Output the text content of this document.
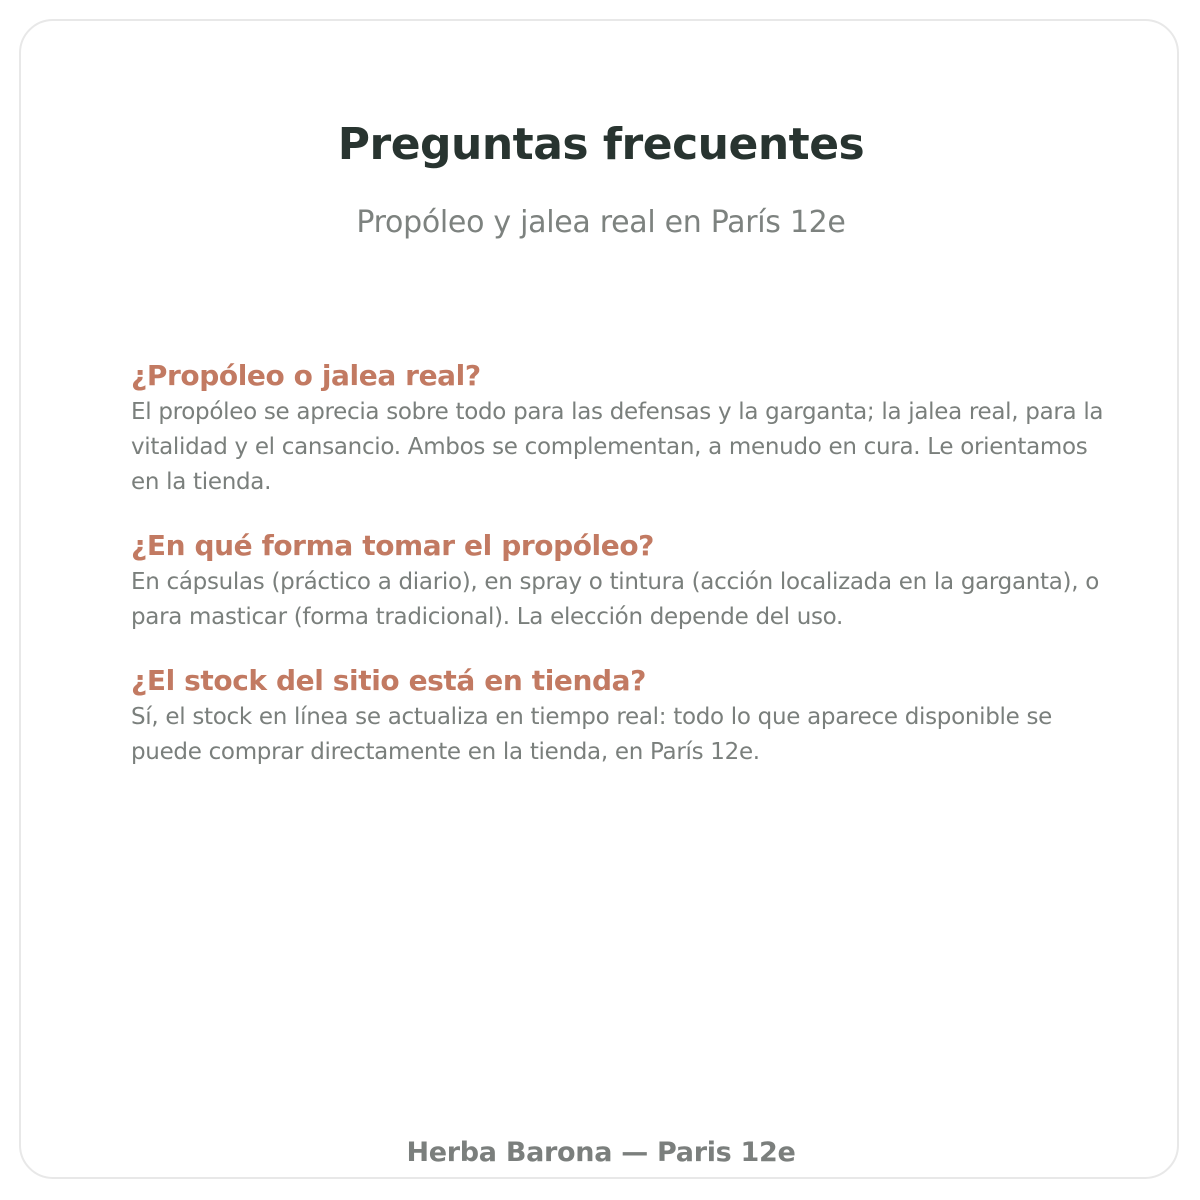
Preguntas frecuentes

Propóleo y jalea real en París 12e

¿Propóleo o jalea real?

El propóleo se aprecia sobre todo para las defensas y la garganta; la jalea real, para la vitalidad y el cansancio. Ambos se complementan, a menudo en cura. Le orientamos en la tienda.

¿En qué forma tomar el propóleo?

En cápsulas (práctico a diario), en spray o tintura (acción localizada en la garganta), o para masticar (forma tradicional). La elección depende del uso.

¿El stock del sitio está en tienda?

Sí, el stock en línea se actualiza en tiempo real: todo lo que aparece disponible se puede comprar directamente en la tienda, en París 12e.

Herba Barona — Paris 12e
